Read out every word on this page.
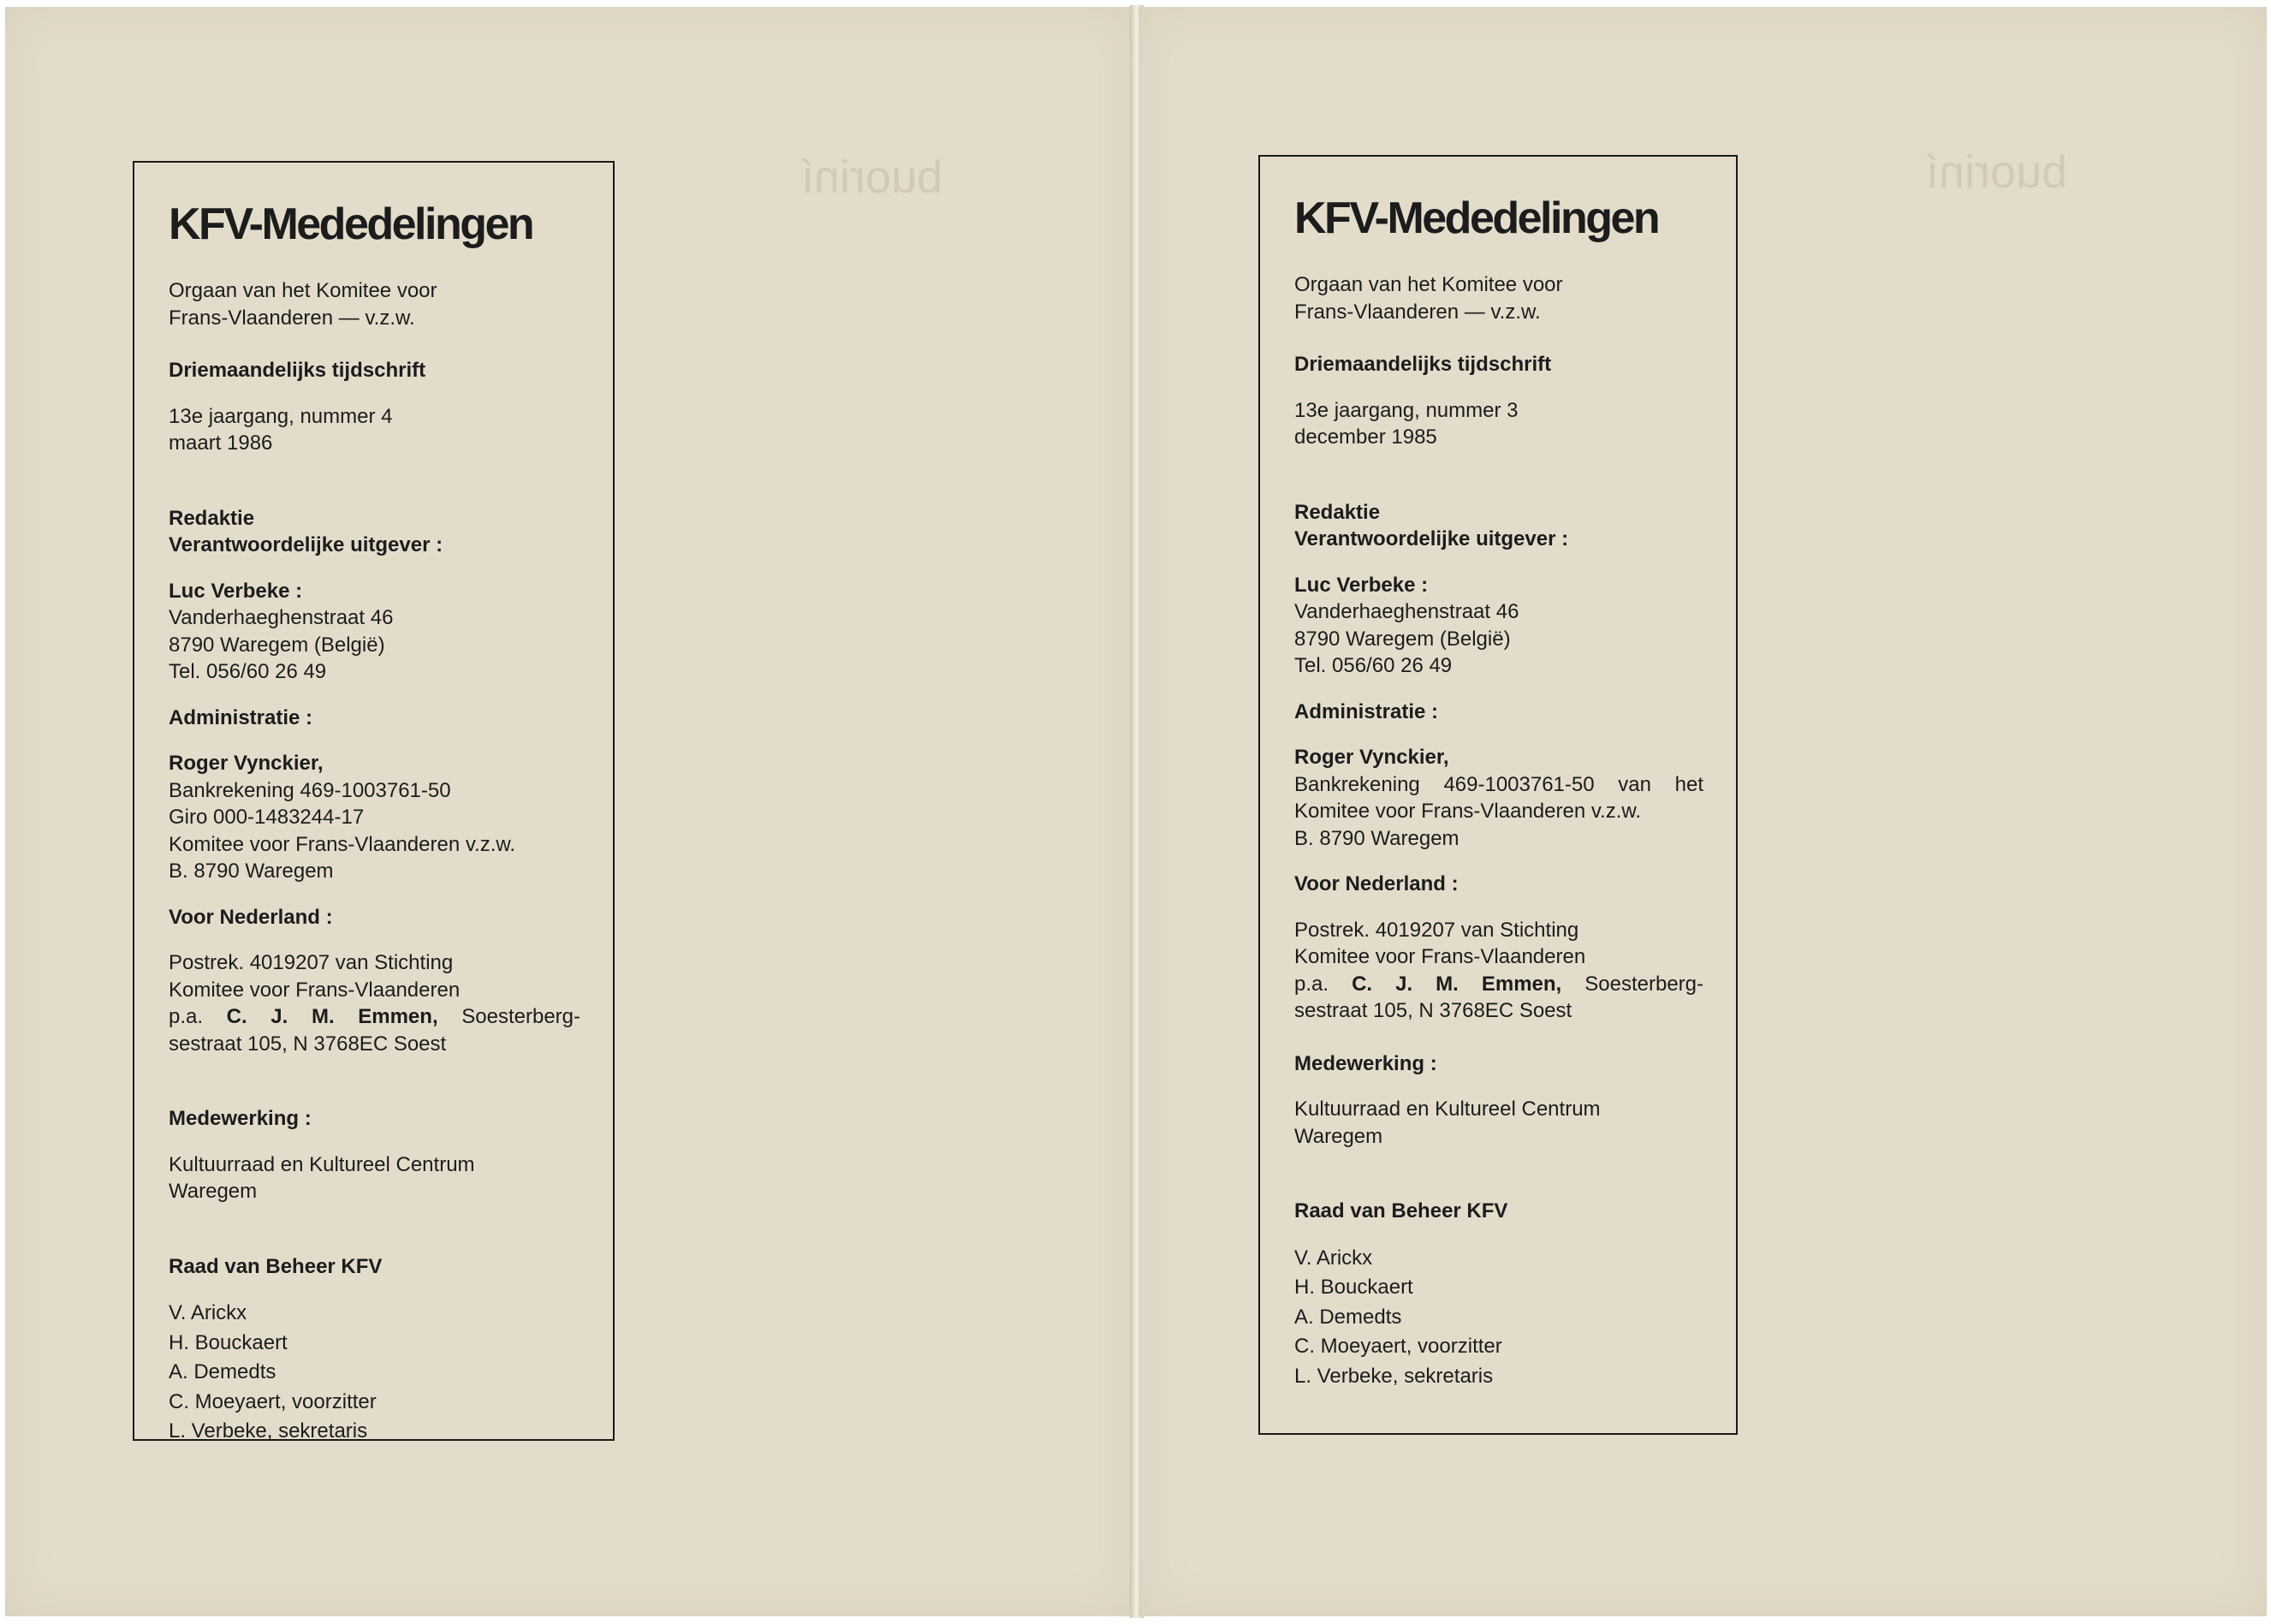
buoriní	buoriní
KFV-Mededelingen

Orgaan van het Komitee voor
Frans-Vlaanderen — v.z.w.

Driemaandelijks tijdschrift

13e jaargang, nummer 4
maart 1986

Redaktie
Verantwoordelijke uitgever :

Luc Verbeke :
Vanderhaeghenstraat 46
8790 Waregem (België)
Tel. 056/60 26 49

Administratie :

Roger Vynckier,
Bankrekening 469-1003761-50
Giro 000-1483244-17
Komitee voor Frans-Vlaanderen v.z.w.
B. 8790 Waregem

Voor Nederland :

Postrek. 4019207 van Stichting
Komitee voor Frans-Vlaanderen
p.a. C. J. M. Emmen, Soesterberg-
sestraat 105, N 3768EC Soest

Medewerking :

Kultuurraad en Kultureel Centrum
Waregem

Raad van Beheer KFV

V. Arickx
H. Bouckaert
A. Demedts
C. Moeyaert, voorzitter
L. Verbeke, sekretaris

KFV-Mededelingen

Orgaan van het Komitee voor
Frans-Vlaanderen — v.z.w.

Driemaandelijks tijdschrift

13e jaargang, nummer 3
december 1985

Redaktie
Verantwoordelijke uitgever :

Luc Verbeke :
Vanderhaeghenstraat 46
8790 Waregem (België)
Tel. 056/60 26 49

Administratie :

Roger Vynckier,
Bankrekening 469-1003761-50 van het
Komitee voor Frans-Vlaanderen v.z.w.
B. 8790 Waregem

Voor Nederland :

Postrek. 4019207 van Stichting
Komitee voor Frans-Vlaanderen
p.a. C. J. M. Emmen, Soesterberg-
sestraat 105, N 3768EC Soest

Medewerking :

Kultuurraad en Kultureel Centrum
Waregem

Raad van Beheer KFV

V. Arickx
H. Bouckaert
A. Demedts
C. Moeyaert, voorzitter
L. Verbeke, sekretaris
